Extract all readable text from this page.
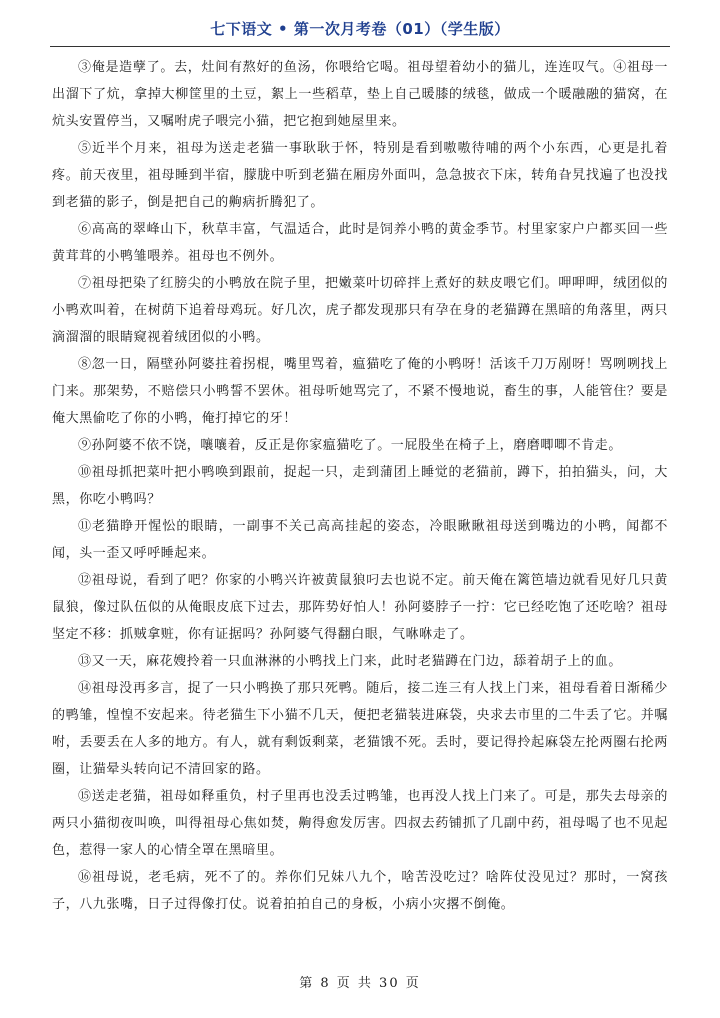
七下语文 • 第一次月考卷（01）（学生版）

③俺是造孽了。去，灶间有熬好的鱼汤，你喂给它喝。祖母望着幼小的猫儿，连连叹气。④祖母一出溜下了炕，拿掉大柳筐里的土豆，絮上一些稻草，垫上自己暖膝的绒毯，做成一个暖融融的猫窝，在炕头安置停当，又嘱咐虎子喂完小猫，把它抱到她屋里来。

⑤近半个月来，祖母为送走老猫一事耿耿于怀，特别是看到嗷嗷待哺的两个小东西，心更是扎着疼。前天夜里，祖母睡到半宿，朦胧中听到老猫在厢房外面叫，急急披衣下床，转角旮旯找遍了也没找到老猫的影子，倒是把自己的齁病折腾犯了。

⑥高高的翠峰山下，秋草丰富，气温适合，此时是饲养小鸭的黄金季节。村里家家户户都买回一些黄茸茸的小鸭雏喂养。祖母也不例外。

⑦祖母把染了红膀尖的小鸭放在院子里，把嫩菜叶切碎拌上煮好的麸皮喂它们。呷呷呷，绒团似的小鸭欢叫着，在树荫下追着母鸡玩。好几次，虎子都发现那只有孕在身的老猫蹲在黑暗的角落里，两只滴溜溜的眼睛窥视着绒团似的小鸭。

⑧忽一日，隔壁孙阿婆拄着拐棍，嘴里骂着，瘟猫吃了俺的小鸭呀！活该千刀万剐呀！骂咧咧找上门来。那架势，不赔偿只小鸭誓不罢休。祖母听她骂完了，不紧不慢地说，畜生的事，人能管住？要是俺大黑偷吃了你的小鸭，俺打掉它的牙！

⑨孙阿婆不依不饶，嚷嚷着，反正是你家瘟猫吃了。一屁股坐在椅子上，磨磨唧唧不肯走。

⑩祖母抓把菜叶把小鸭唤到跟前，捉起一只，走到蒲团上睡觉的老猫前，蹲下，拍拍猫头，问，大黑，你吃小鸭吗？

⑪老猫睁开惺忪的眼睛，一副事不关己高高挂起的姿态，冷眼瞅瞅祖母送到嘴边的小鸭，闻都不闻，头一歪又呼呼睡起来。

⑫祖母说，看到了吧？你家的小鸭兴许被黄鼠狼叼去也说不定。前天俺在篱笆墙边就看见好几只黄鼠狼，像过队伍似的从俺眼皮底下过去，那阵势好怕人！孙阿婆脖子一拧：它已经吃饱了还吃啥？祖母坚定不移：抓贼拿赃，你有证据吗？孙阿婆气得翻白眼，气咻咻走了。

⑬又一天，麻花嫂拎着一只血淋淋的小鸭找上门来，此时老猫蹲在门边，舔着胡子上的血。

⑭祖母没再多言，捉了一只小鸭换了那只死鸭。随后，接二连三有人找上门来，祖母看着日渐稀少的鸭雏，惶惶不安起来。待老猫生下小猫不几天，便把老猫装进麻袋，央求去市里的二牛丢了它。并嘱咐，丢要丢在人多的地方。有人，就有剩饭剩菜，老猫饿不死。丢时，要记得拎起麻袋左抡两圈右抡两圈，让猫晕头转向记不清回家的路。

⑮送走老猫，祖母如释重负，村子里再也没丢过鸭雏，也再没人找上门来了。可是，那失去母亲的两只小猫彻夜叫唤，叫得祖母心焦如焚，齁得愈发厉害。四叔去药铺抓了几副中药，祖母喝了也不见起色，惹得一家人的心情全罩在黑暗里。

⑯祖母说，老毛病，死不了的。养你们兄妹八九个，啥苦没吃过？啥阵仗没见过？那时，一窝孩子，八九张嘴，日子过得像打仗。说着拍拍自己的身板，小病小灾撂不倒俺。

第 8 页 共 30 页
